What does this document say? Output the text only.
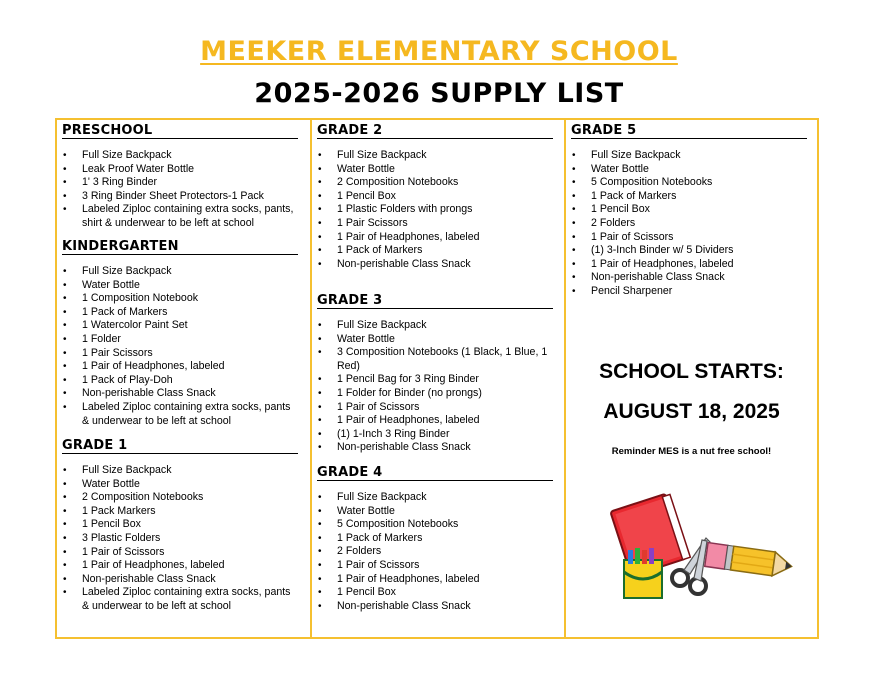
MEEKER ELEMENTARY SCHOOL
2025-2026 SUPPLY LIST
PRESCHOOL
• Full Size Backpack
• Leak Proof Water Bottle
• 1' 3 Ring Binder
• 3 Ring Binder Sheet Protectors-1 Pack
• Labeled Ziploc containing extra socks, pants, shirt & underwear to be left at school
KINDERGARTEN
• Full Size Backpack
• Water Bottle
• 1 Composition Notebook
• 1 Pack of Markers
• 1 Watercolor Paint Set
• 1 Folder
• 1 Pair Scissors
• 1 Pair of Headphones, labeled
• 1 Pack of Play-Doh
• Non-perishable Class Snack
• Labeled Ziploc containing extra socks, pants & underwear to be left at school
GRADE 1
• Full Size Backpack
• Water Bottle
• 2 Composition Notebooks
• 1 Pack Markers
• 1 Pencil Box
• 3 Plastic Folders
• 1 Pair of Scissors
• 1 Pair of Headphones, labeled
• Non-perishable Class Snack
• Labeled Ziploc containing extra socks, pants & underwear to be left at school
GRADE 2
• Full Size Backpack
• Water Bottle
• 2 Composition Notebooks
• 1 Pencil Box
• 1 Plastic Folders with prongs
• 1 Pair Scissors
• 1 Pair of Headphones, labeled
• 1 Pack of Markers
• Non-perishable Class Snack
GRADE 3
• Full Size Backpack
• Water Bottle
• 3 Composition Notebooks (1 Black, 1 Blue, 1 Red)
• 1 Pencil Bag for 3 Ring Binder
• 1 Folder for Binder (no prongs)
• 1 Pair of Scissors
• 1 Pair of Headphones, labeled
• (1) 1-Inch 3 Ring Binder
• Non-perishable Class Snack
GRADE 4
• Full Size Backpack
• Water Bottle
• 5 Composition Notebooks
• 1 Pack of Markers
• 2 Folders
• 1 Pair of Scissors
• 1 Pair of Headphones, labeled
• 1 Pencil Box
• Non-perishable Class Snack
GRADE 5
• Full Size Backpack
• Water Bottle
• 5 Composition Notebooks
• 1 Pack of Markers
• 1 Pencil Box
• 2 Folders
• 1 Pair of Scissors
• (1) 3-Inch Binder w/ 5 Dividers
• 1 Pair of Headphones, labeled
• Non-perishable Class Snack
• Pencil Sharpener
SCHOOL STARTS:
AUGUST 18, 2025
Reminder MES is a nut free school!
